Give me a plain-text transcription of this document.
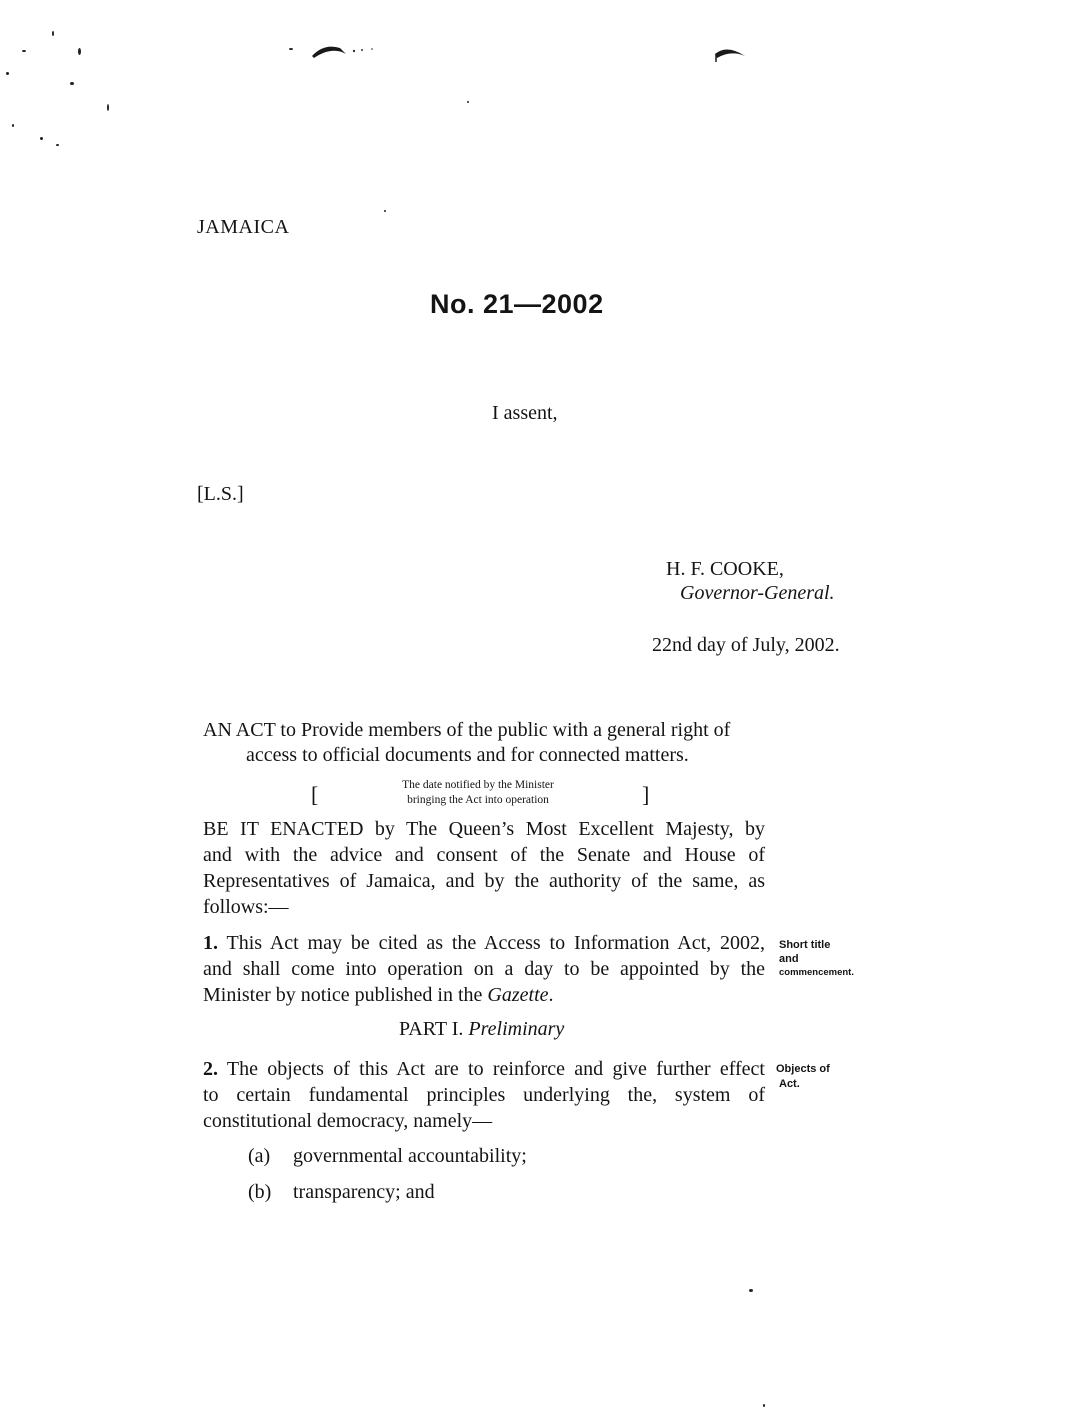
JAMAICA
No. 21—2002
I assent,
[L.S.]
H. F. COOKE,
Governor-General.
22nd day of July, 2002.
AN ACT to Provide members of the public with a general right of
access to official documents and for connected matters.
[	The date notified by the Minister
bringing the Act into operation	]
BE IT ENACTED by The Queen’s Most Excellent Majesty, by
and with the advice and consent of the Senate and House of
Representatives of Jamaica, and by the authority of the same, as
follows:—
1. This Act may be cited as the Access to Information Act, 2002,
and shall come into operation on a day to be appointed by the
Minister by notice published in the Gazette.
Short title
and
commencement.
PART I. Preliminary
2. The objects of this Act are to reinforce and give further effect
to certain fundamental principles underlying the, system of
constitutional democracy, namely—
Objects of
Act.
(a) governmental accountability;
(b) transparency; and
